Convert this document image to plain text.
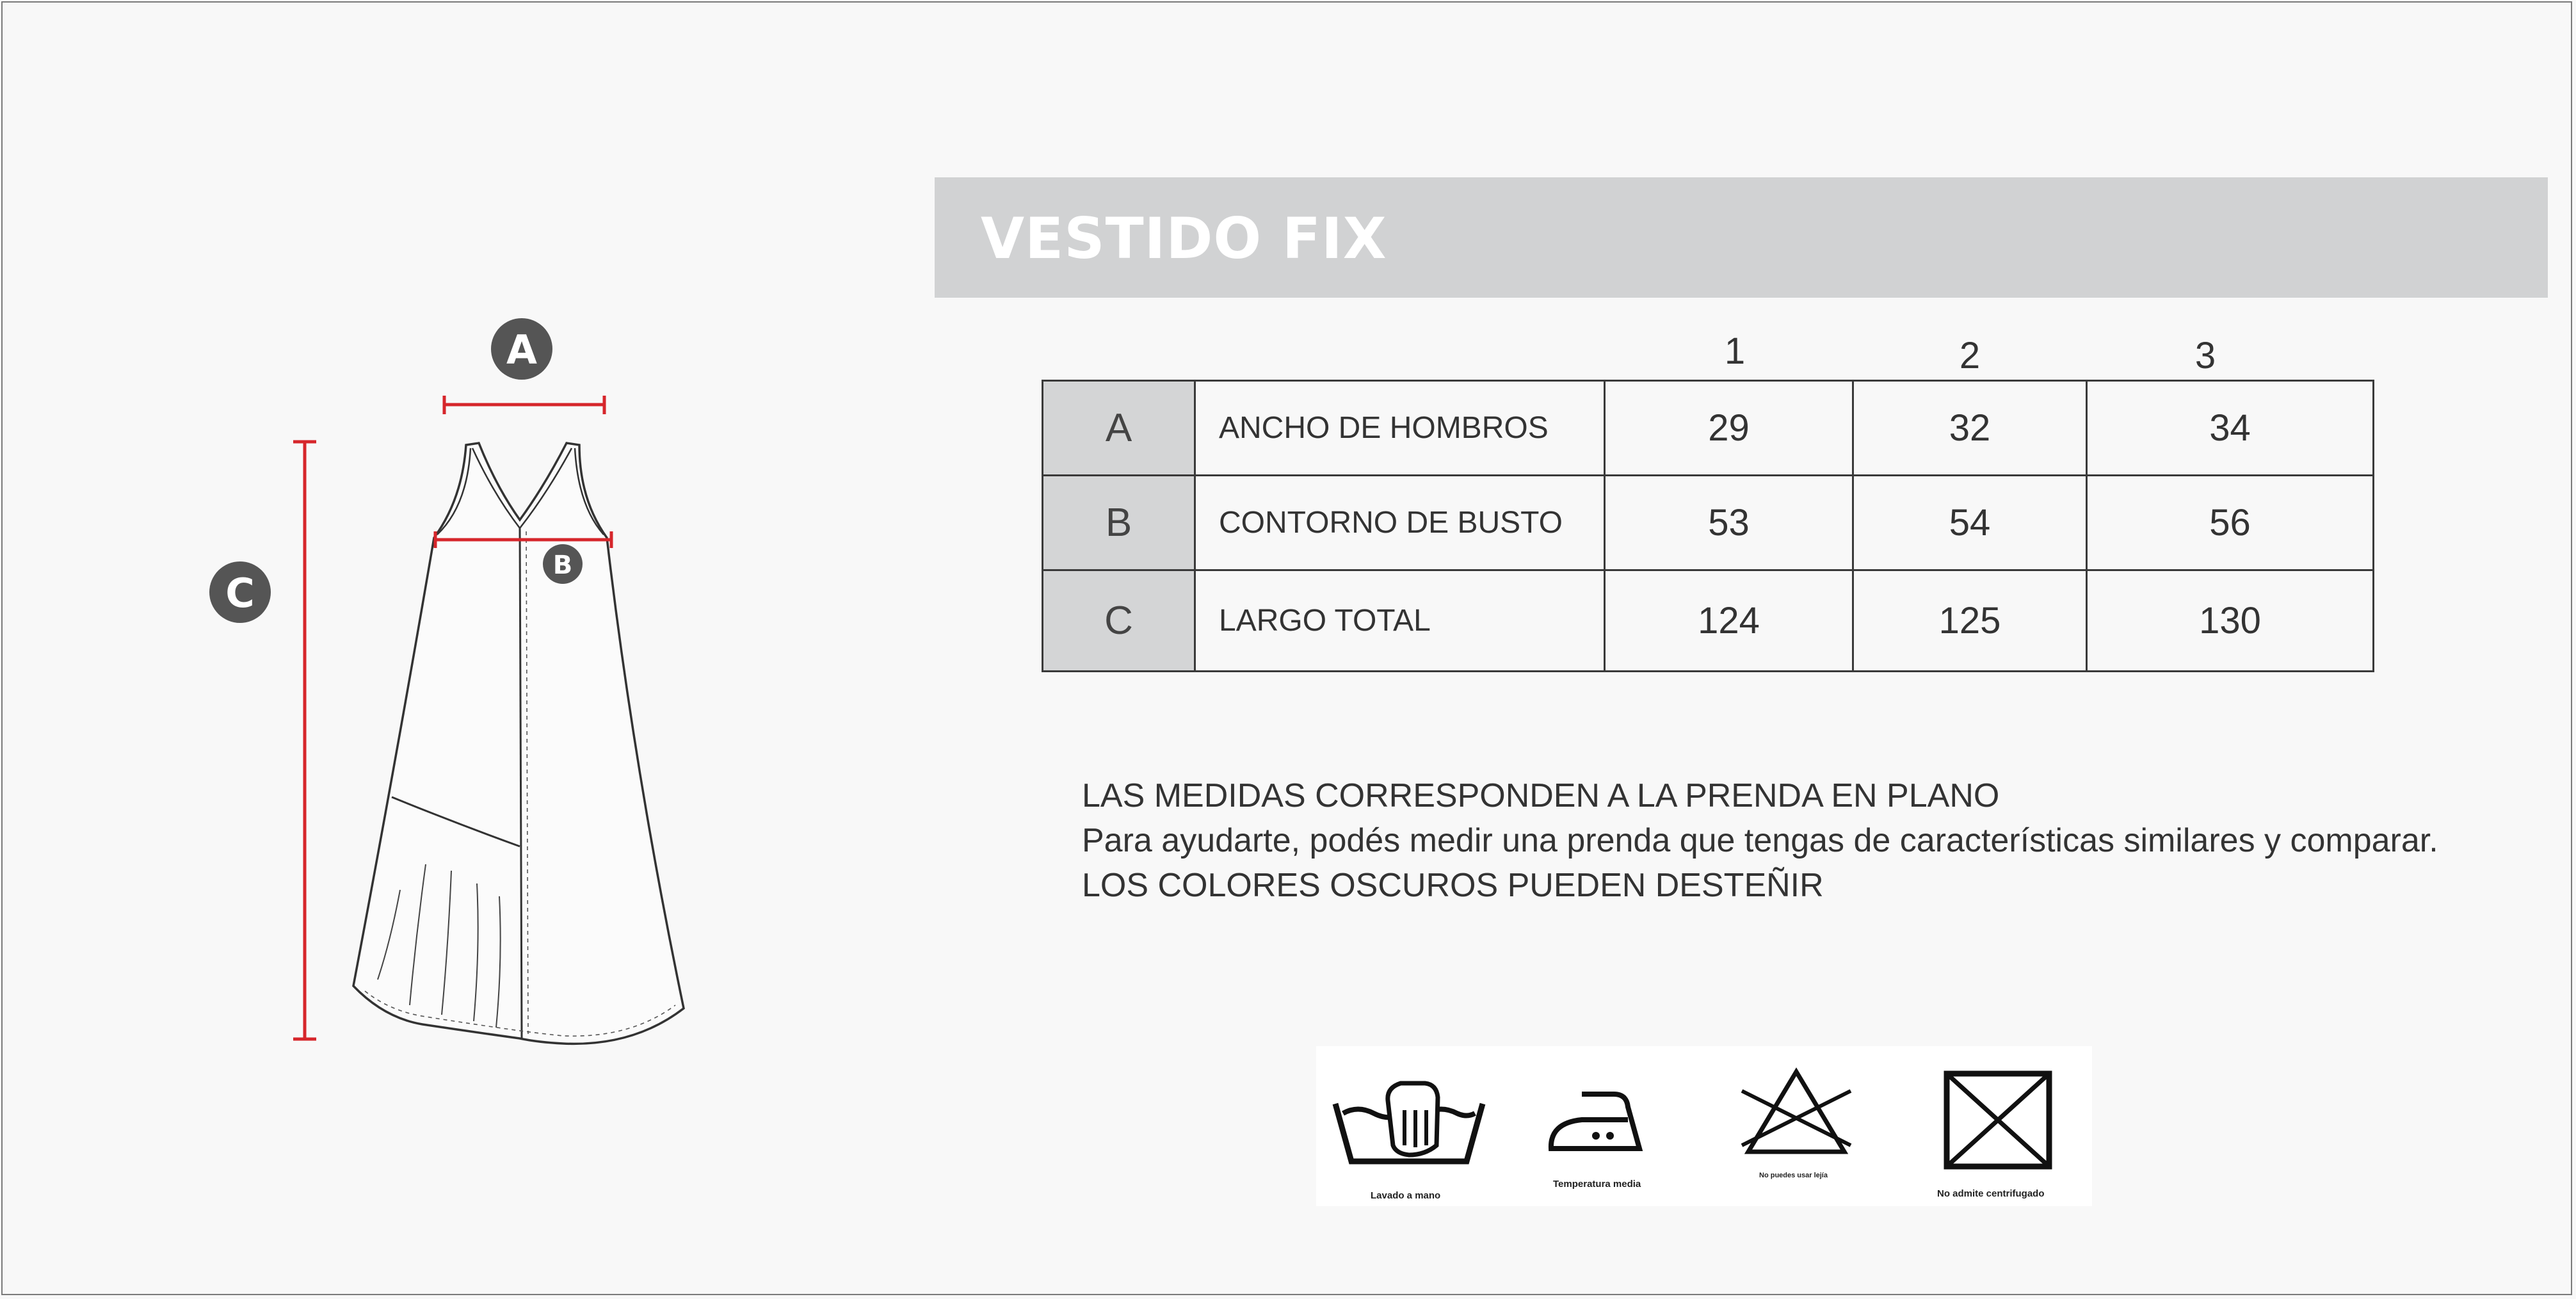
A
B
C
VESTIDO FIX
1	2	3
A	ANCHO DE HOMBROS	29	32	34
B	CONTORNO DE BUSTO	53	54	56
C	LARGO TOTAL	124	125	130
LAS MEDIDAS CORRESPONDEN A LA PRENDA EN PLANO
Para ayudarte, podés medir una prenda que tengas de características similares y comparar.
LOS COLORES OSCUROS PUEDEN DESTEÑIR
Lavado a mano
Temperatura media
No puedes usar lejía
No admite centrifugado
